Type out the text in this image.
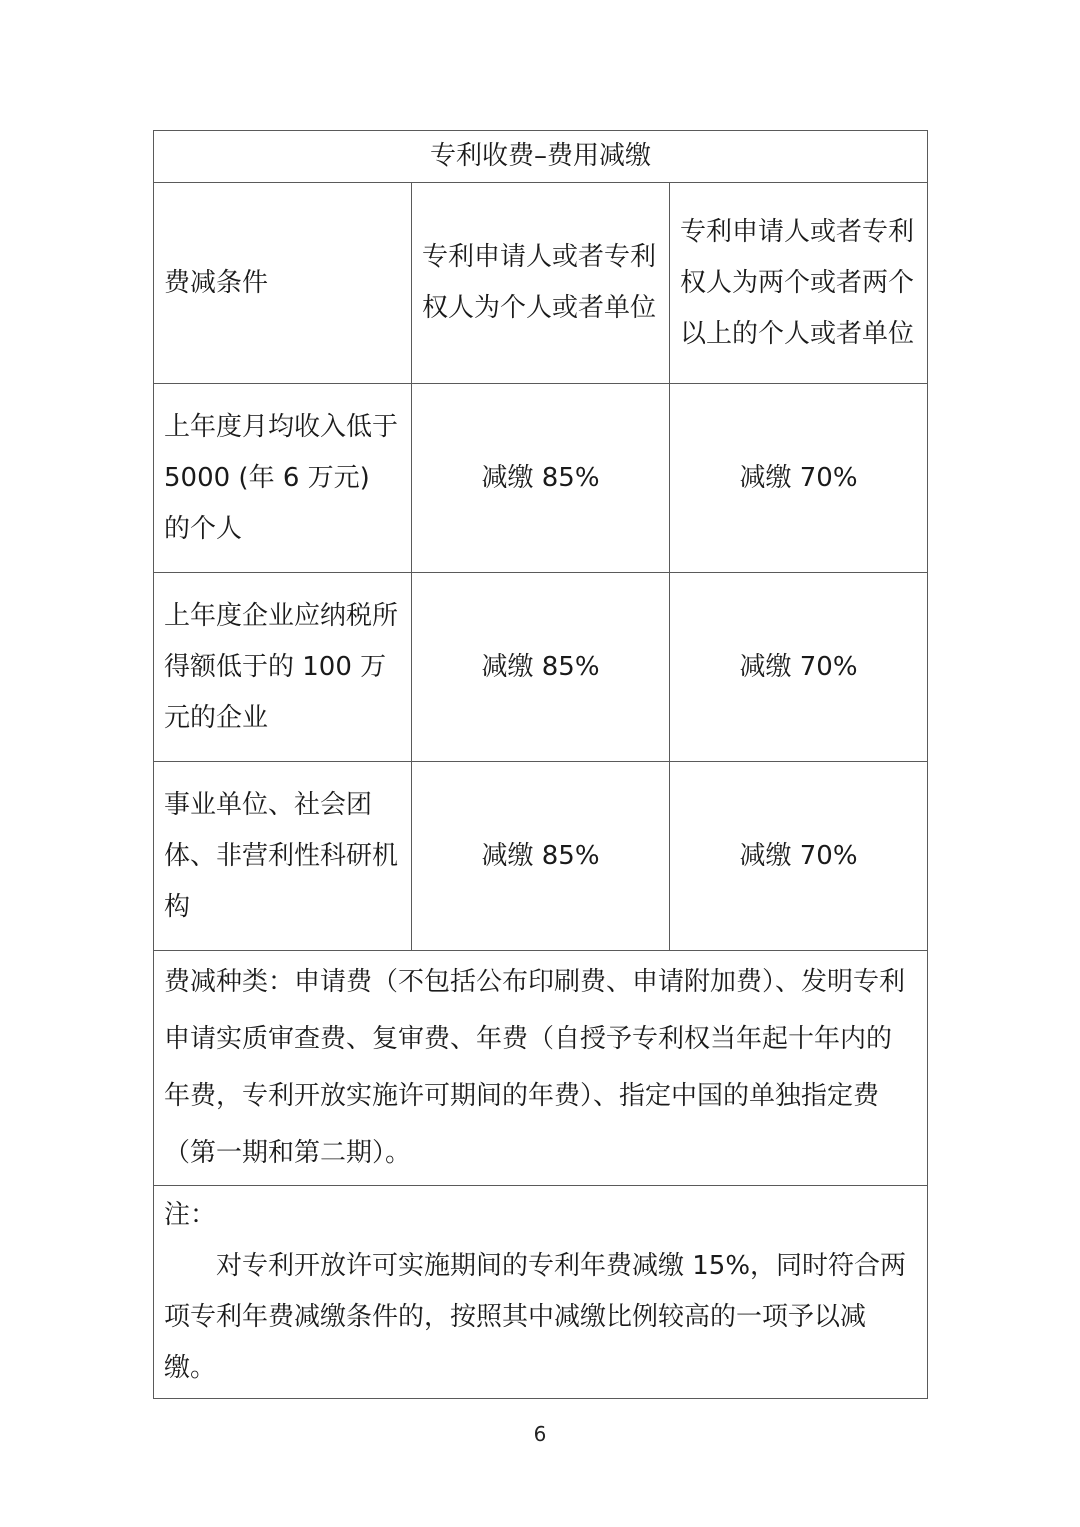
专利收费–费用减缴		
费减条件	专利申请人或者专利权人为个人或者单位	专利申请人或者专利权人为两个或者两个以上的个人或者单位
上年度月均收入低于 5000 (年 6 万元) 的个人	减缴 85%	减缴 70%
上年度企业应纳税所得额低于的 100 万元的企业	减缴 85%	减缴 70%
事业单位、社会团体、非营利性科研机构	减缴 85%	减缴 70%
费减种类：申请费（不包括公布印刷费、申请附加费）、发明专利申请实质审查费、复审费、年费（自授予专利权当年起十年内的年费，专利开放实施许可期间的年费）、指定中国的单独指定费（第一期和第二期）。		
注：
对专利开放许可实施期间的专利年费减缴 15%，同时符合两项专利年费减缴条件的，按照其中减缴比例较高的一项予以减缴。		
6
